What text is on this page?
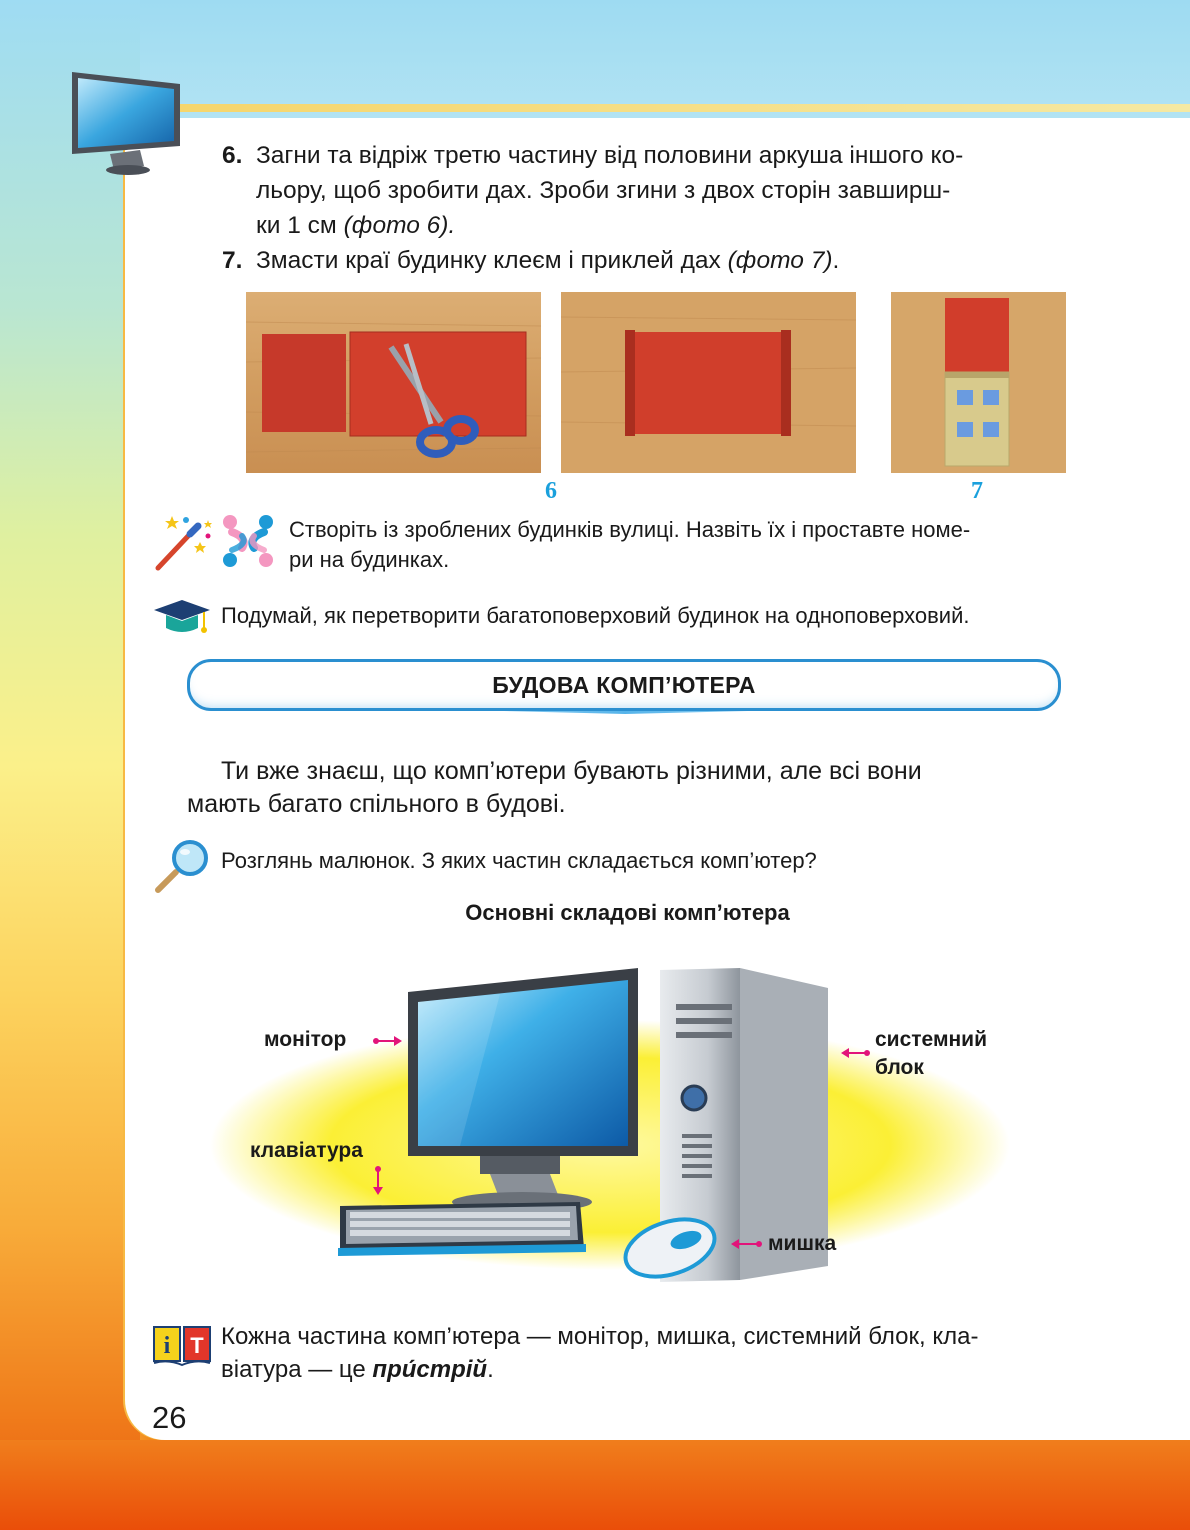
6. Загни та відріж третю частину від половини аркуша іншого ко-
льору, щоб зробити дах. Зроби згини з двох сторін завширш-
ки 1 см (фото 6).
7. Змасти краї будинку клеєм і приклей дах (фото 7).
6	7
Створіть із зроблених будинків вулиці. Назвіть їх і проставте номе-
ри на будинках.
Подумай, як перетворити багатоповерховий будинок на одноповерховий.
БУДОВА КОМП’ЮТЕРА
Ти вже знаєш, що комп’ютери бувають різними, але всі вони
мають багато спільного в будові.
Розглянь малюнок. З яких частин складається комп’ютер?
Основні складові комп’ютера
монітор	системний
блок
клавіатура
мишка
i T Кожна частина комп’ютера — монітор, мишка, системний блок, кла-
віатура — це при́стрій.
26
